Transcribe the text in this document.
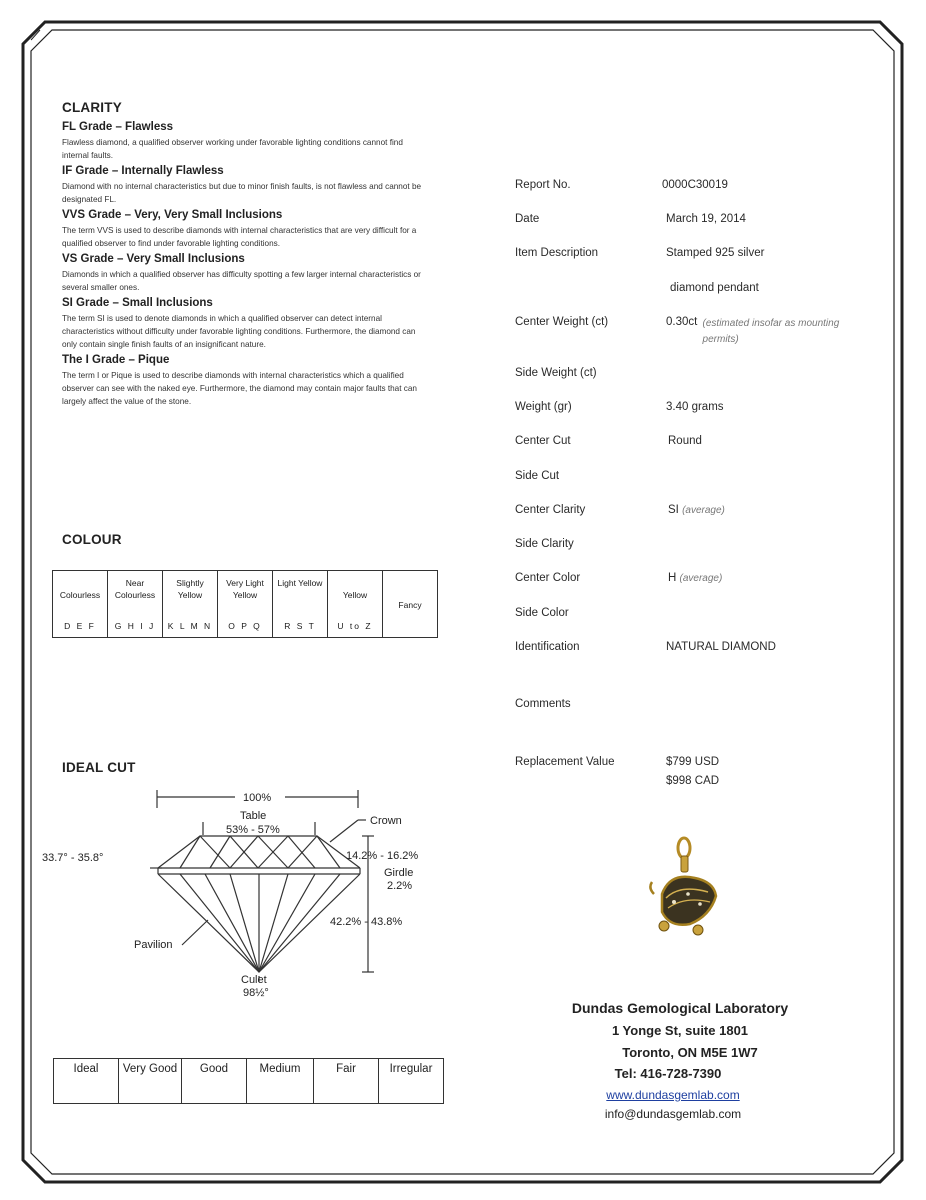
CLARITY
FL Grade – Flawless
Flawless diamond, a qualified observer working under favorable lighting conditions cannot find internal faults.
IF Grade – Internally Flawless
Diamond with no internal characteristics but due to minor finish faults, is not flawless and cannot be designated FL.
VVS Grade – Very, Very Small Inclusions
The term VVS is used to describe diamonds with internal characteristics that are very difficult for a qualified observer to find under favorable lighting conditions.
VS Grade – Very Small Inclusions
Diamonds in which a qualified observer has difficulty spotting a few larger internal characteristics or several smaller ones.
SI Grade – Small Inclusions
The term SI is used to denote diamonds in which a qualified observer can detect internal characteristics without difficulty under favorable lighting conditions. Furthermore, the diamond can only contain single finish faults of an insignificant nature.
The I Grade – Pique
The term I or Pique is used to describe diamonds with internal characteristics which a qualified observer can see with the naked eye. Furthermore, the diamond may contain major faults that can largely affect the value of the stone.
COLOUR
Colourless
D E F

Near Colourless
G H I J

Slightly Yellow
K L M N

Very Light Yellow
O P Q

Light Yellow
R S T

Yellow
U to Z

Fancy
IDEAL CUT
100%
Table
53% - 57%
Crown
33.7° - 35.8°	14.2% - 16.2%
Girdle
2.2%
42.2% - 43.8%
Pavilion
Culet
98½°
Ideal	Very Good	Good	Medium	Fair	Irregular
Report No.	0000C30019
Date	March 19, 2014
Item Description	Stamped 925 silver
diamond pendant
Center Weight (ct)	0.30ct (estimated insofar as mounting permits)
Side Weight (ct)
Weight (gr)	3.40 grams
Center Cut	Round
Side Cut
Center Clarity	SI (average)
Side Clarity
Center Color	H (average)
Side Color
Identification	NATURAL DIAMOND
Comments
Replacement Value	$799 USD
$998 CAD
Dundas Gemological Laboratory
1 Yonge St, suite 1801
Toronto, ON M5E 1W7
Tel: 416-728-7390
www.dundasgemlab.com
info@dundasgemlab.com
